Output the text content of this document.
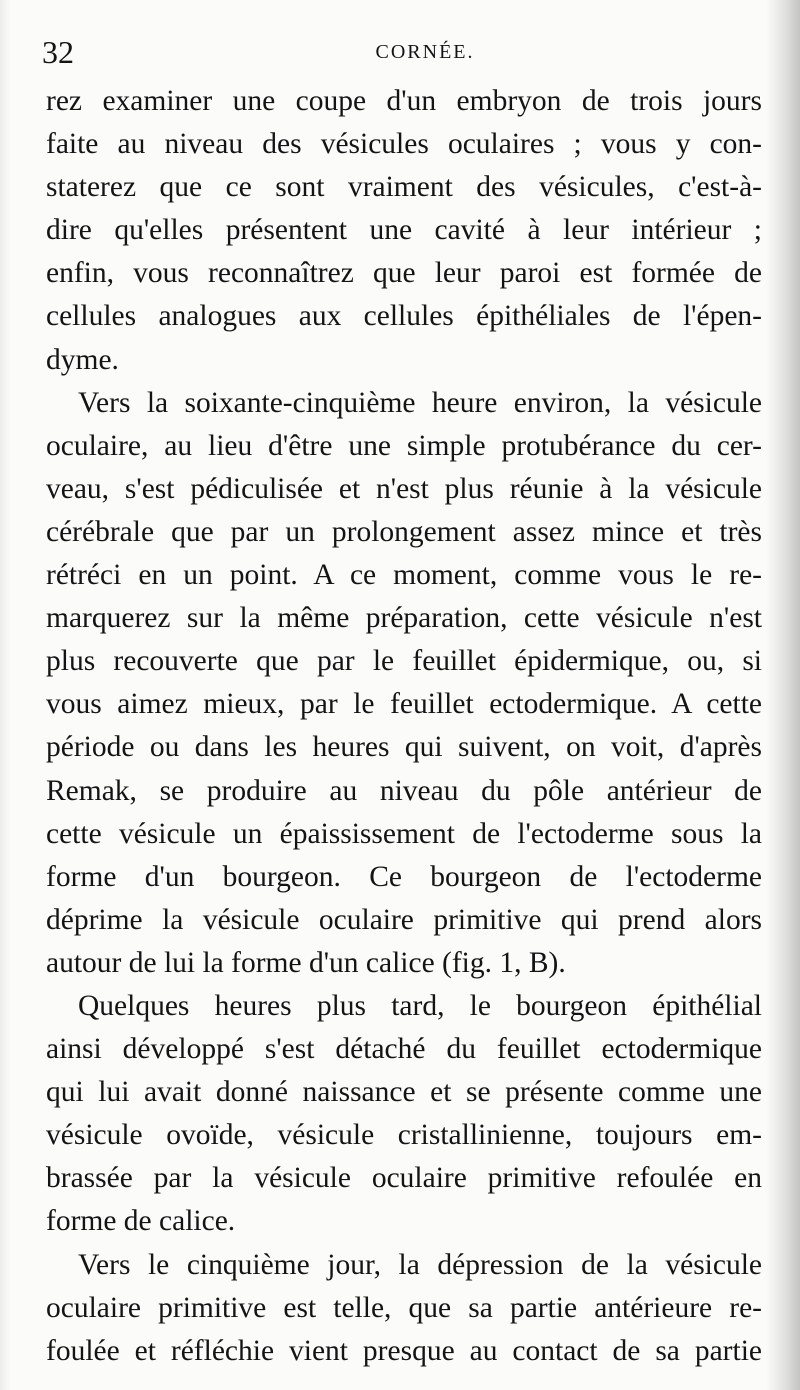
32	CORNÉE.
rez examiner une coupe d'un embryon de trois jours
faite au niveau des vésicules oculaires ; vous y con-
staterez que ce sont vraiment des vésicules, c'est-à-
dire qu'elles présentent une cavité à leur intérieur ;
enfin, vous reconnaîtrez que leur paroi est formée de
cellules analogues aux cellules épithéliales de l'épen-
dyme.
Vers la soixante-cinquième heure environ, la vésicule
oculaire, au lieu d'être une simple protubérance du cer-
veau, s'est pédiculisée et n'est plus réunie à la vésicule
cérébrale que par un prolongement assez mince et très
rétréci en un point. A ce moment, comme vous le re-
marquerez sur la même préparation, cette vésicule n'est
plus recouverte que par le feuillet épidermique, ou, si
vous aimez mieux, par le feuillet ectodermique. A cette
période ou dans les heures qui suivent, on voit, d'après
Remak, se produire au niveau du pôle antérieur de
cette vésicule un épaississement de l'ectoderme sous la
forme d'un bourgeon. Ce bourgeon de l'ectoderme
déprime la vésicule oculaire primitive qui prend alors
autour de lui la forme d'un calice (fig. 1, B).
Quelques heures plus tard, le bourgeon épithélial
ainsi développé s'est détaché du feuillet ectodermique
qui lui avait donné naissance et se présente comme une
vésicule ovoïde, vésicule cristallinienne, toujours em-
brassée par la vésicule oculaire primitive refoulée en
forme de calice.
Vers le cinquième jour, la dépression de la vésicule
oculaire primitive est telle, que sa partie antérieure re-
foulée et réfléchie vient presque au contact de sa partie
